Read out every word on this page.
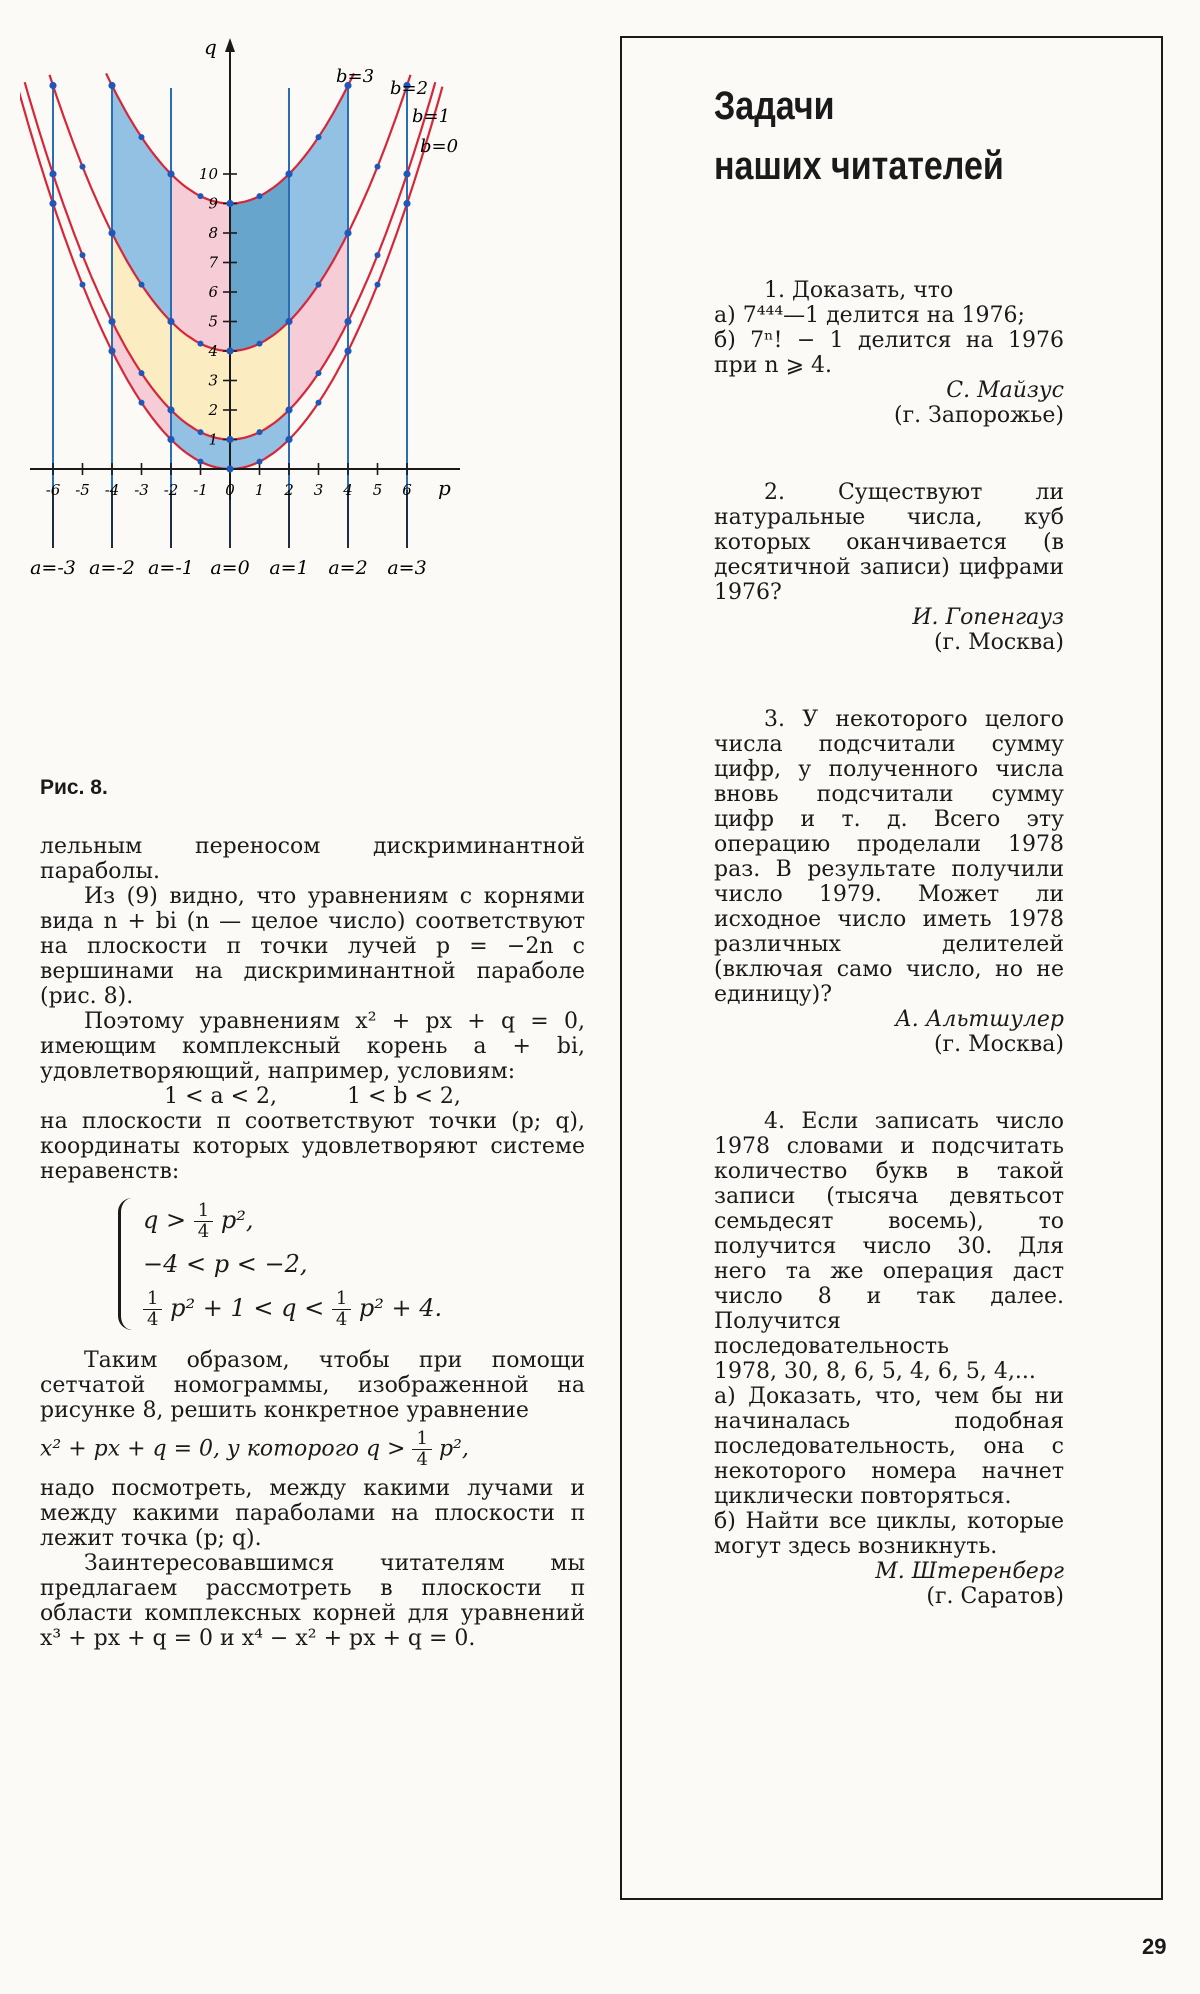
10
9
8
7
6
5
4
3
2
1
-6 -5 -4 -3 -2 -1 0 1 2 3 4 5 6
q
p
b=3
b=2
b=1
b=0
a=-3 a=-2 a=-1 a=0 a=1 a=2 a=3
Рис. 8.

лельным переносом дискриминантной параболы.

Из (9) видно, что уравнениям с корнями вида n + bi (n — целое число) соответствуют на плоскости π точки лучей p = −2n с вершинами на дискриминантной параболе (рис. 8).

Поэтому уравнениям x² + px + q = 0, имеющим комплексный корень a + bi, удовлетворяющий, например, условиям:

1 < a < 2,          1 < b < 2,

на плоскости π соответствуют точки (p; q), координаты которых удовлетворяют системе неравенств:

$q > \frac{1}{4} p^2$,
−4 < p < −2,
$\frac{1}{4} p^2 + 1 < q < \frac{1}{4} p^2 + 4$.

Таким образом, чтобы при помощи сетчатой номограммы, изображенной на рисунке 8, решить конкретное уравнение

x² + px + q = 0, у которого $q > \frac{1}{4} p^2$,

надо посмотреть, между какими лучами и между какими параболами на плоскости π лежит точка (p; q).

Заинтересовавшимся читателям мы предлагаем рассмотреть в плоскости π области комплексных корней для уравнений x³ + px + q = 0 и x⁴ − x² + px + q = 0.

Задачи
наших читателей

1. Доказать, что

а) 7⁴⁴⁴—1 делится на 1976;

б) 7ⁿ! − 1 делится на 1976 при n ⩾ 4.

С. Майзус

(г. Запорожье)

2. Существуют ли натуральные числа, куб которых оканчивается (в десятичной записи) цифрами 1976?

И. Гопенгауз

(г. Москва)

3. У некоторого целого числа подсчитали сумму цифр, у полученного числа вновь подсчитали сумму цифр и т. д. Всего эту операцию проделали 1978 раз. В результате получили число 1979. Может ли исходное число иметь 1978 различных делителей (включая само число, но не единицу)?

А. Альтшулер

(г. Москва)

4. Если записать число 1978 словами и подсчитать количество букв в такой записи (тысяча девятьсот семьдесят восемь), то получится число 30. Для него та же операция даст число 8 и так далее. Получится последовательность

1978, 30, 8, 6, 5, 4, 6, 5, 4,...

а) Доказать, что, чем бы ни начиналась подобная последовательность, она с некоторого номера начнет циклически повторяться.

б) Найти все циклы, которые могут здесь возникнуть.

М. Штеренберг

(г. Саратов)

29
